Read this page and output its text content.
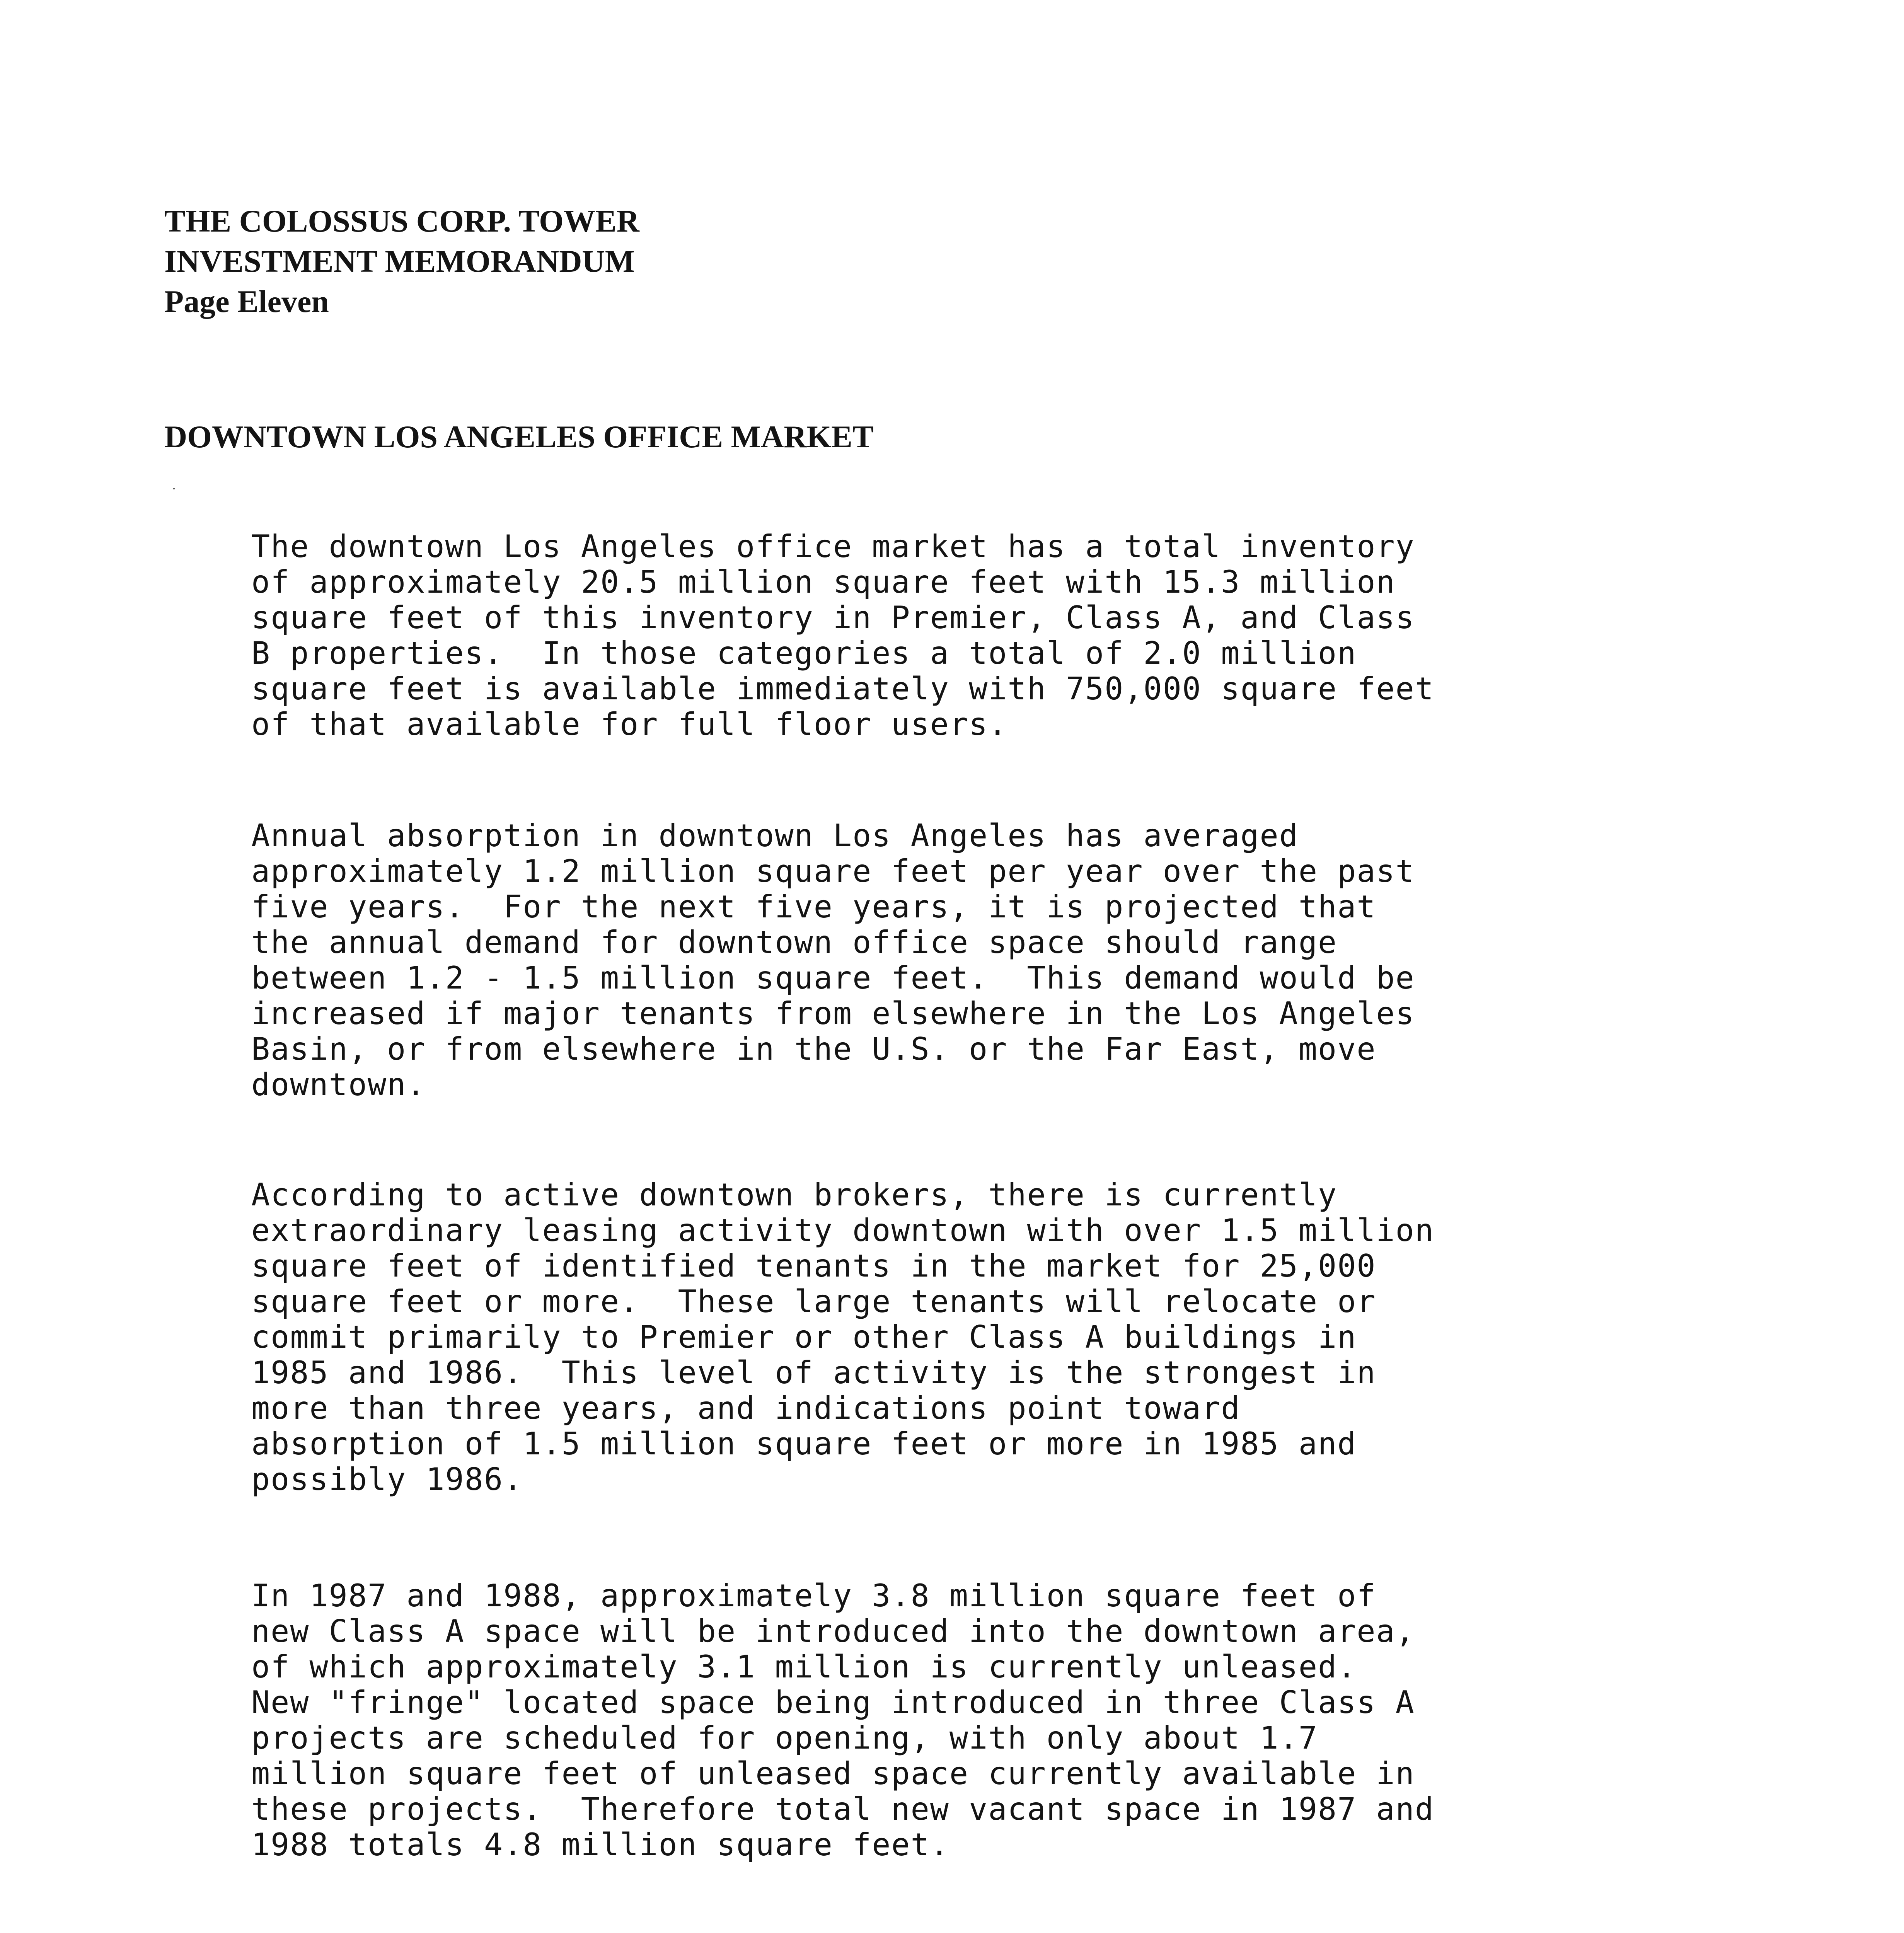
THE COLOSSUS CORP. TOWER
INVESTMENT MEMORANDUM
Page Eleven
DOWNTOWN LOS ANGELES OFFICE MARKET
The downtown Los Angeles office market has a total inventory
of approximately 20.5 million square feet with 15.3 million
square feet of this inventory in Premier, Class A, and Class
B properties.  In those categories a total of 2.0 million
square feet is available immediately with 750,000 square feet
of that available for full floor users.
Annual absorption in downtown Los Angeles has averaged
approximately 1.2 million square feet per year over the past
five years.  For the next five years, it is projected that
the annual demand for downtown office space should range
between 1.2 - 1.5 million square feet.  This demand would be
increased if major tenants from elsewhere in the Los Angeles
Basin, or from elsewhere in the U.S. or the Far East, move
downtown.
According to active downtown brokers, there is currently
extraordinary leasing activity downtown with over 1.5 million
square feet of identified tenants in the market for 25,000
square feet or more.  These large tenants will relocate or
commit primarily to Premier or other Class A buildings in
1985 and 1986.  This level of activity is the strongest in
more than three years, and indications point toward
absorption of 1.5 million square feet or more in 1985 and
possibly 1986.
In 1987 and 1988, approximately 3.8 million square feet of
new Class A space will be introduced into the downtown area,
of which approximately 3.1 million is currently unleased.
New "fringe" located space being introduced in three Class A
projects are scheduled for opening, with only about 1.7
million square feet of unleased space currently available in
these projects.  Therefore total new vacant space in 1987 and
1988 totals 4.8 million square feet.
